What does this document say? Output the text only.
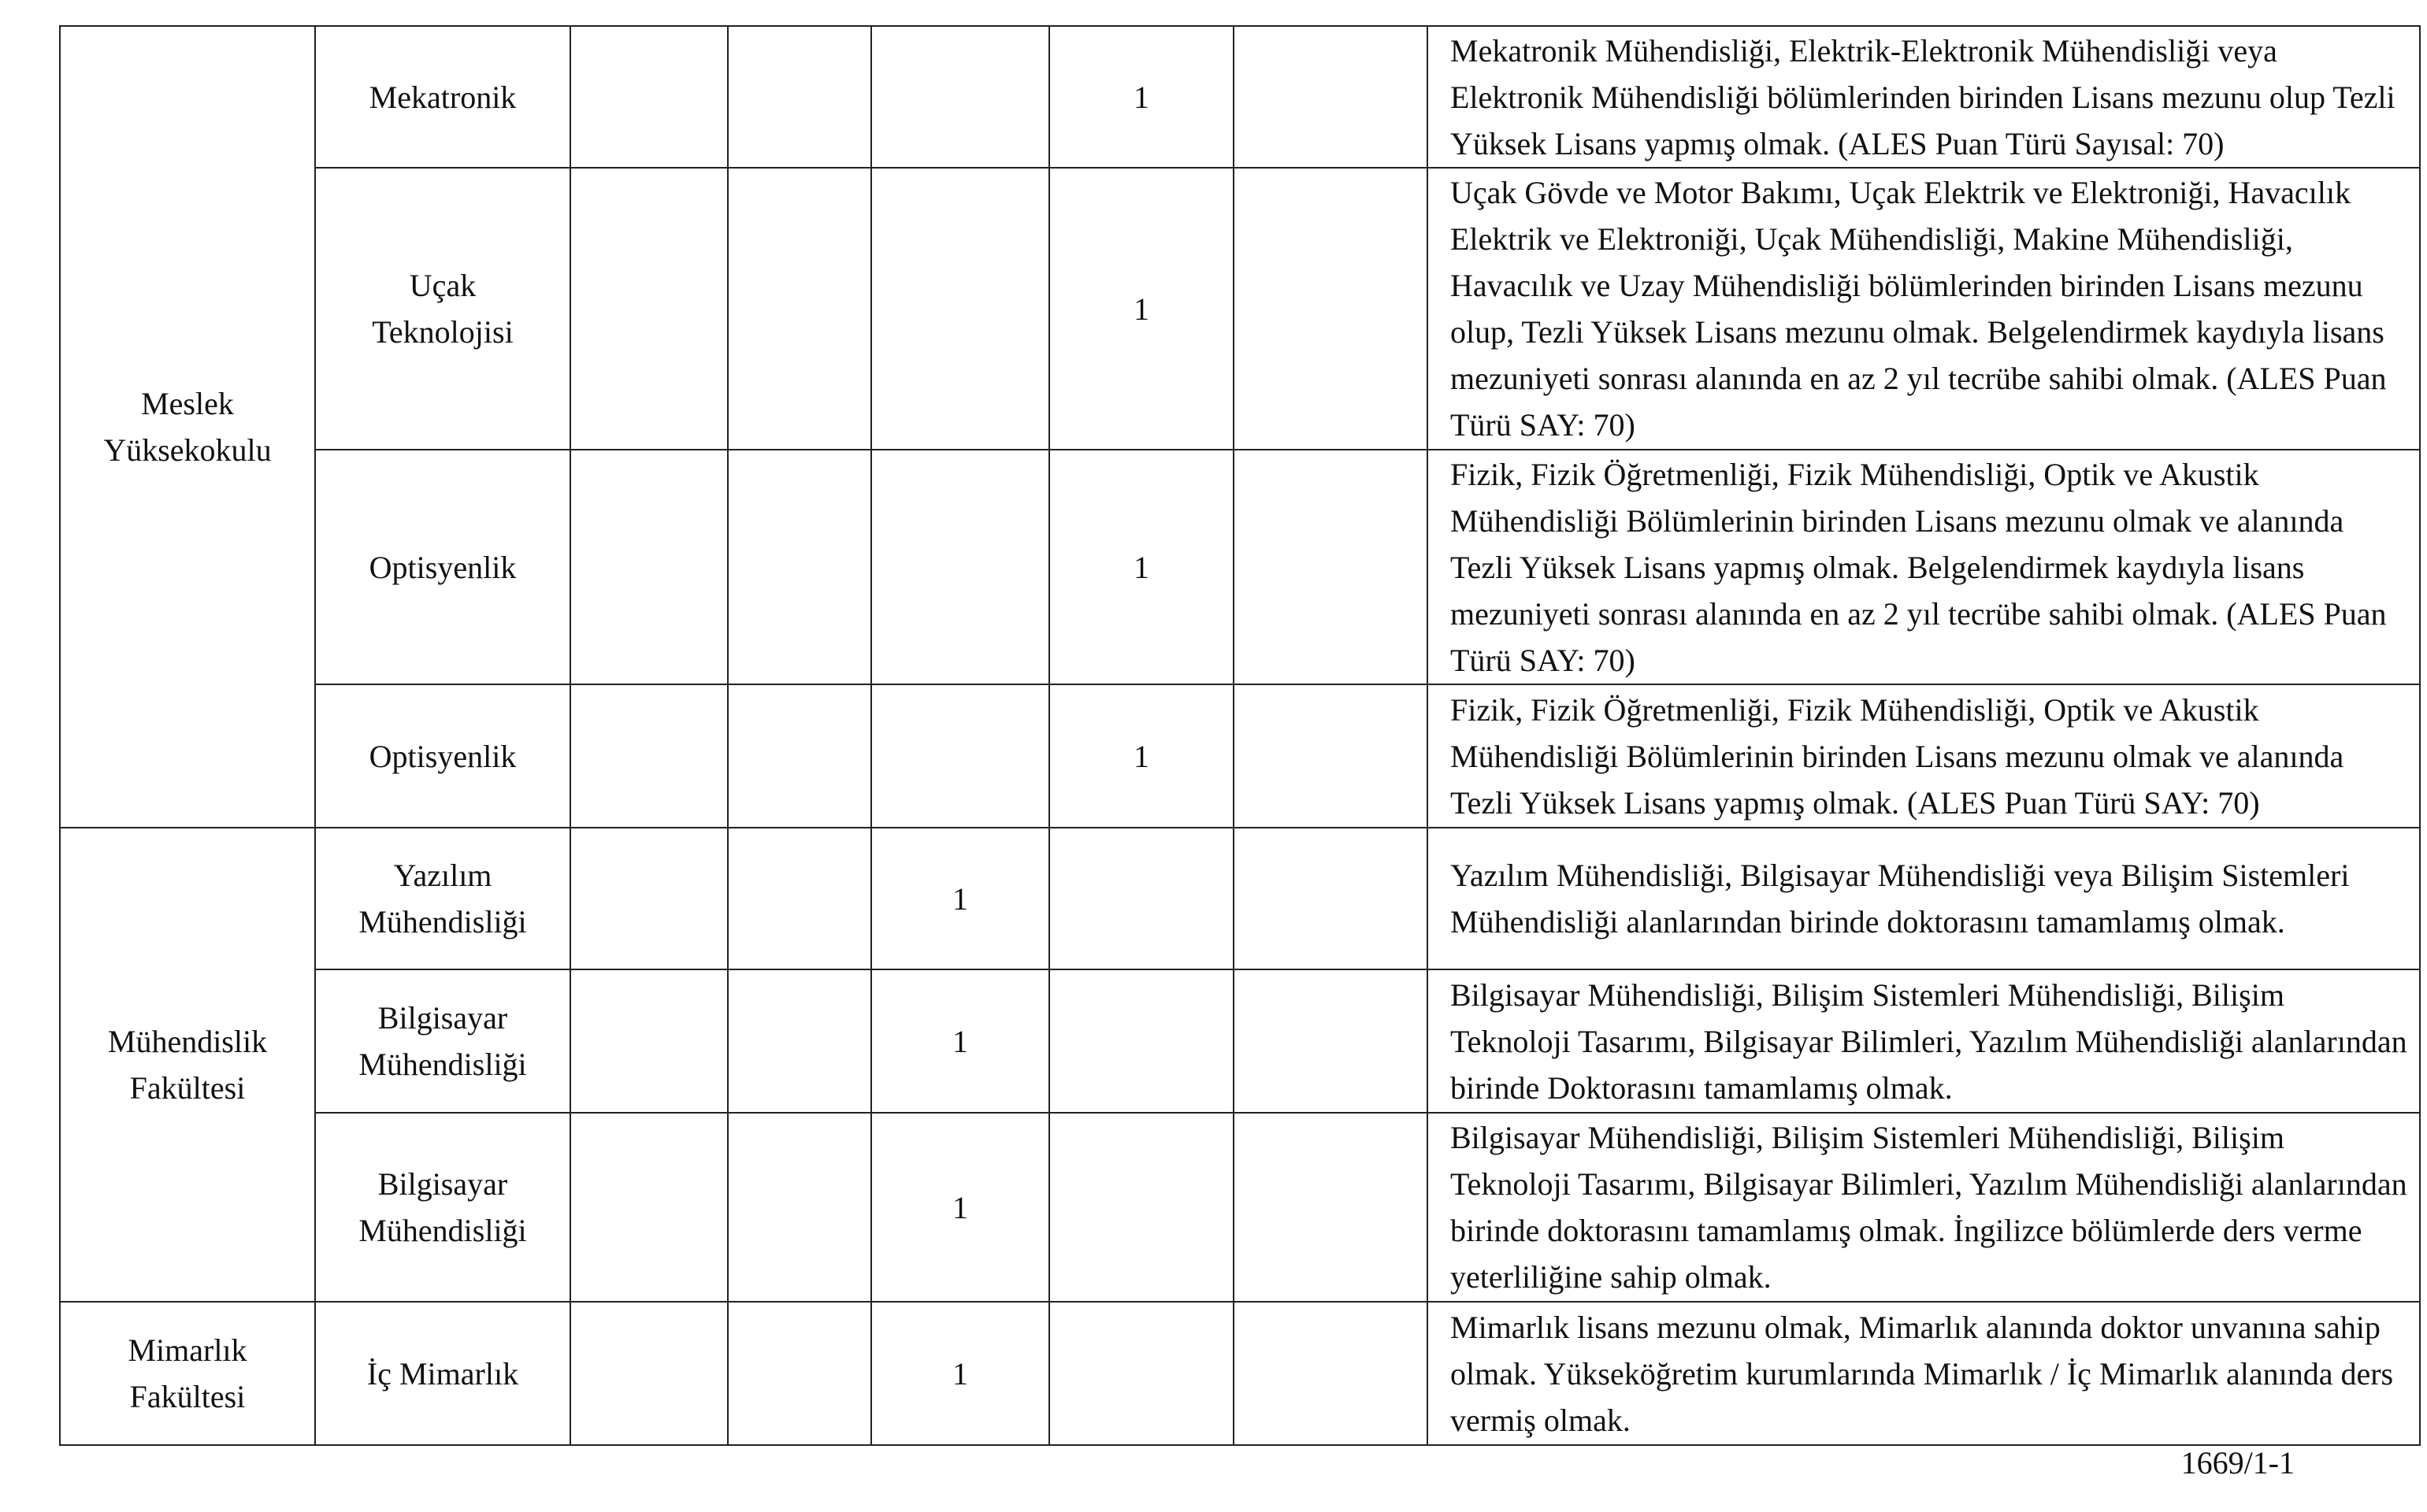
Meslek Yüksekokulu	Mekatronik				1		Mekatronik Mühendisliği, Elektrik-Elektronik Mühendisliği veya Elektronik Mühendisliği bölümlerinden birinden Lisans mezunu olup Tezli Yüksek Lisans yapmış olmak. (ALES Puan Türü Sayısal: 70)
	Uçak Teknolojisi				1		Uçak Gövde ve Motor Bakımı, Uçak Elektrik ve Elektroniği, Havacılık Elektrik ve Elektroniği, Uçak Mühendisliği, Makine Mühendisliği, Havacılık ve Uzay Mühendisliği bölümlerinden birinden Lisans mezunu olup, Tezli Yüksek Lisans mezunu olmak. Belgelendirmek kaydıyla lisans mezuniyeti sonrası alanında en az 2 yıl tecrübe sahibi olmak. (ALES Puan Türü SAY: 70)
	Optisyenlik				1		Fizik, Fizik Öğretmenliği, Fizik Mühendisliği, Optik ve Akustik Mühendisliği Bölümlerinin birinden Lisans mezunu olmak ve alanında Tezli Yüksek Lisans yapmış olmak. Belgelendirmek kaydıyla lisans mezuniyeti sonrası alanında en az 2 yıl tecrübe sahibi olmak. (ALES Puan Türü SAY: 70)
	Optisyenlik				1		Fizik, Fizik Öğretmenliği, Fizik Mühendisliği, Optik ve Akustik Mühendisliği Bölümlerinin birinden Lisans mezunu olmak ve alanında Tezli Yüksek Lisans yapmış olmak. (ALES Puan Türü SAY: 70)
Mühendislik Fakültesi	Yazılım Mühendisliği			1			Yazılım Mühendisliği, Bilgisayar Mühendisliği veya Bilişim Sistemleri Mühendisliği alanlarından birinde doktorasını tamamlamış olmak.
	Bilgisayar Mühendisliği			1			Bilgisayar Mühendisliği, Bilişim Sistemleri Mühendisliği, Bilişim Teknoloji Tasarımı, Bilgisayar Bilimleri, Yazılım Mühendisliği alanlarından birinde Doktorasını tamamlamış olmak.
	Bilgisayar Mühendisliği			1			Bilgisayar Mühendisliği, Bilişim Sistemleri Mühendisliği, Bilişim Teknoloji Tasarımı, Bilgisayar Bilimleri, Yazılım Mühendisliği alanlarından birinde doktorasını tamamlamış olmak. İngilizce bölümlerde ders verme yeterliliğine sahip olmak.
Mimarlık Fakültesi	İç Mimarlık			1			Mimarlık lisans mezunu olmak, Mimarlık alanında doktor unvanına sahip olmak. Yükseköğretim kurumlarında Mimarlık / İç Mimarlık alanında ders vermiş olmak.
1669/1-1
